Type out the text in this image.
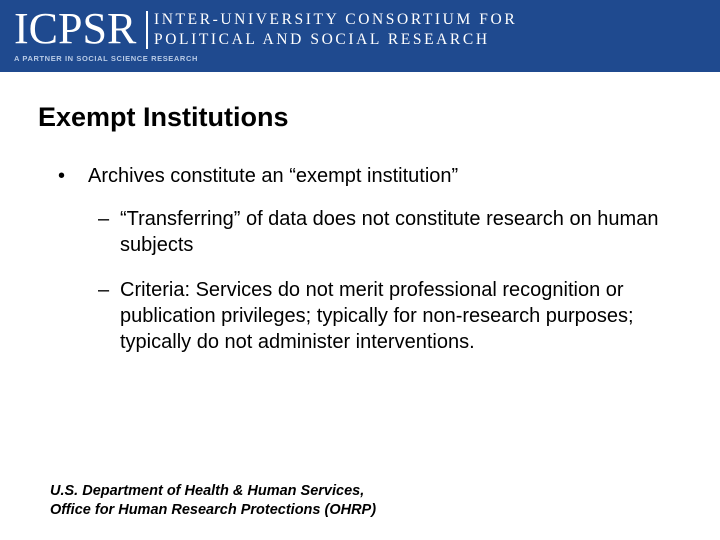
ICPSR INTER-UNIVERSITY CONSORTIUM FOR
POLITICAL AND SOCIAL RESEARCH
A PARTNER IN SOCIAL SCIENCE RESEARCH
Exempt Institutions
• Archives constitute an “exempt institution”
– “Transferring” of data does not constitute research on human subjects
– Criteria: Services do not merit professional recognition or publication privileges; typically for non-research purposes; typically do not administer interventions.
U.S. Department of Health & Human Services,
Office for Human Research Protections (OHRP)
